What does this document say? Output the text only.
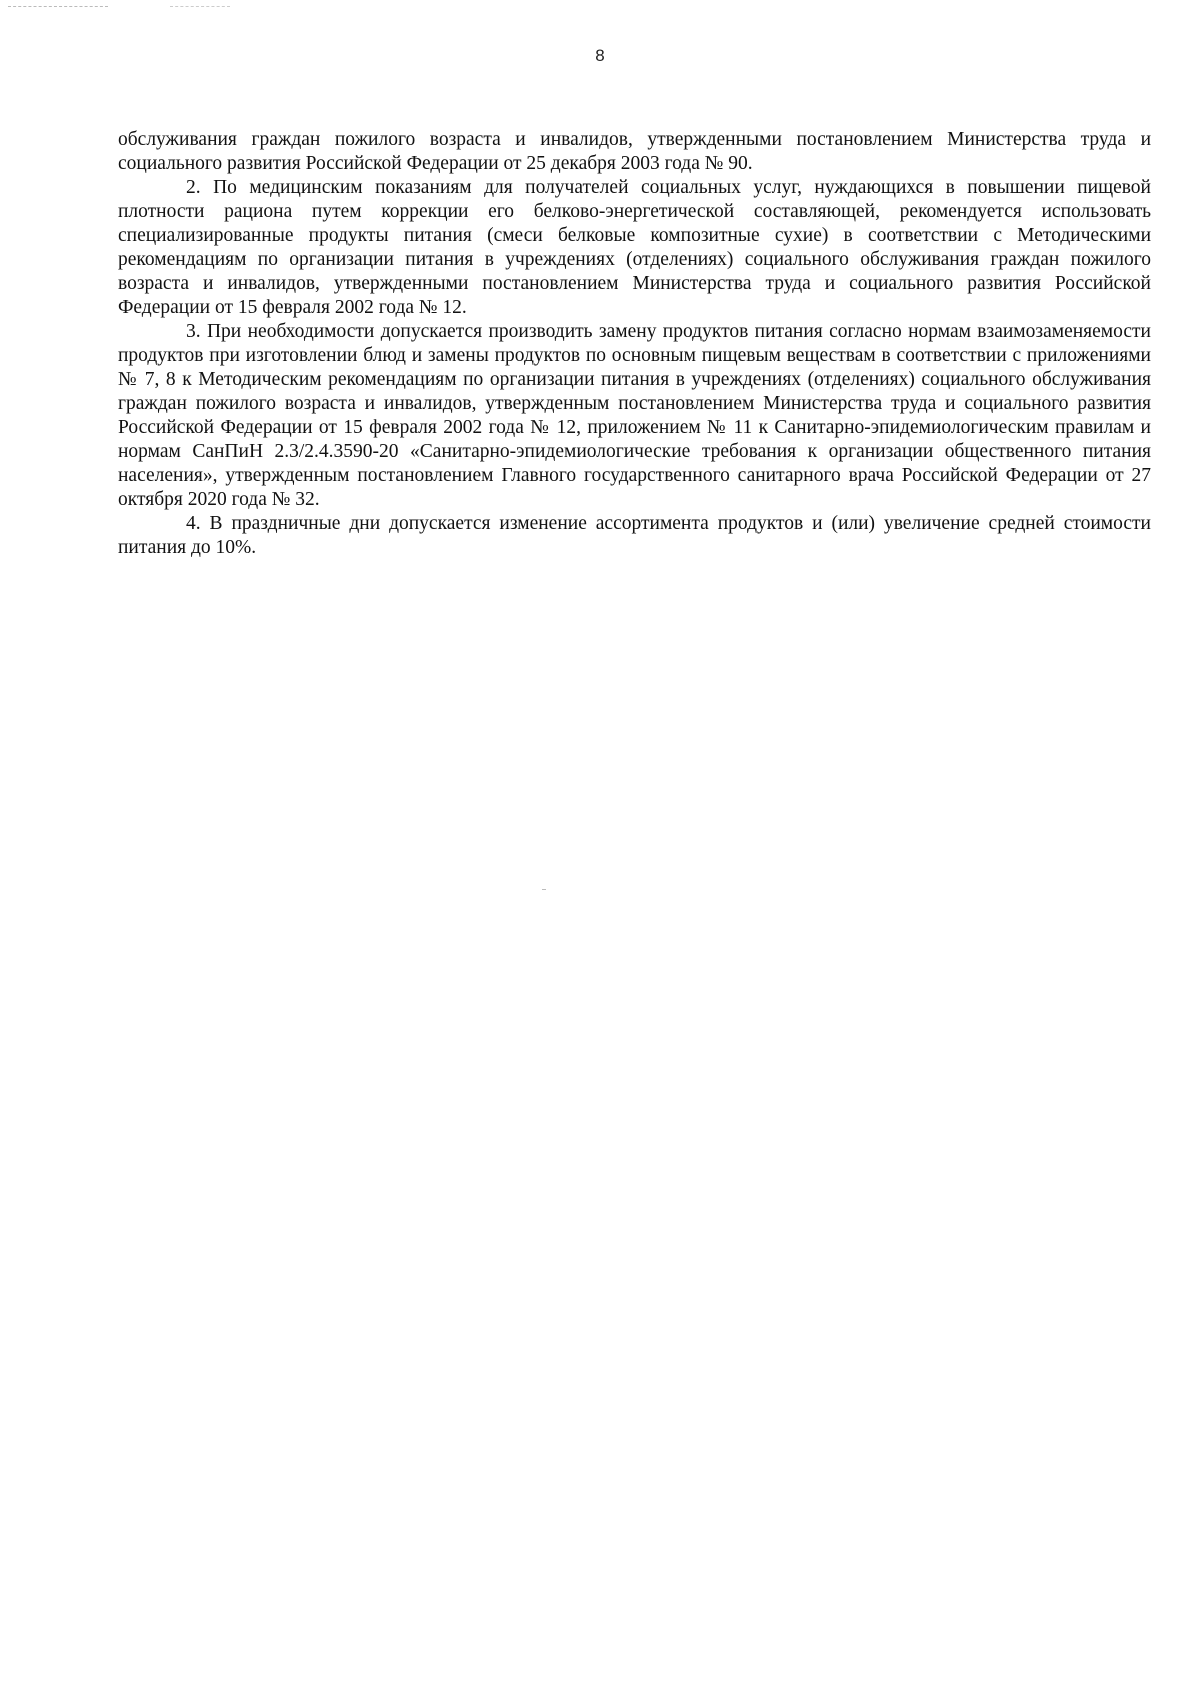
8

обслуживания граждан пожилого возраста и инвалидов, утвержденными постановлением Министерства труда и социального развития Российской Федерации от 25 декабря 2003 года № 90.

2. По медицинским показаниям для получателей социальных услуг, нуждающихся в повышении пищевой плотности рациона путем коррекции его белково-энергетической составляющей, рекомендуется использовать специализированные продукты питания (смеси белковые композитные сухие) в соответствии с Методическими рекомендациям по организации питания в учреждениях (отделениях) социального обслуживания граждан пожилого возраста и инвалидов, утвержденными постановлением Министерства труда и социального развития Российской Федерации от 15 февраля 2002 года № 12.

3. При необходимости допускается производить замену продуктов питания согласно нормам взаимозаменяемости продуктов при изготовлении блюд и замены продуктов по основным пищевым веществам в соответствии с приложениями № 7, 8 к Методическим рекомендациям по организации питания в учреждениях (отделениях) социального обслуживания граждан пожилого возраста и инвалидов, утвержденным постановлением Министерства труда и социального развития Российской Федерации от 15 февраля 2002 года № 12, приложением № 11 к Санитарно-эпидемиологическим правилам и нормам СанПиН 2.3/2.4.3590-20 «Санитарно-эпидемиологические требования к организации общественного питания населения», утвержденным постановлением Главного государственного санитарного врача Российской Федерации от 27 октября 2020 года № 32.

4. В праздничные дни допускается изменение ассортимента продуктов и (или) увеличение средней стоимости питания до 10%.
